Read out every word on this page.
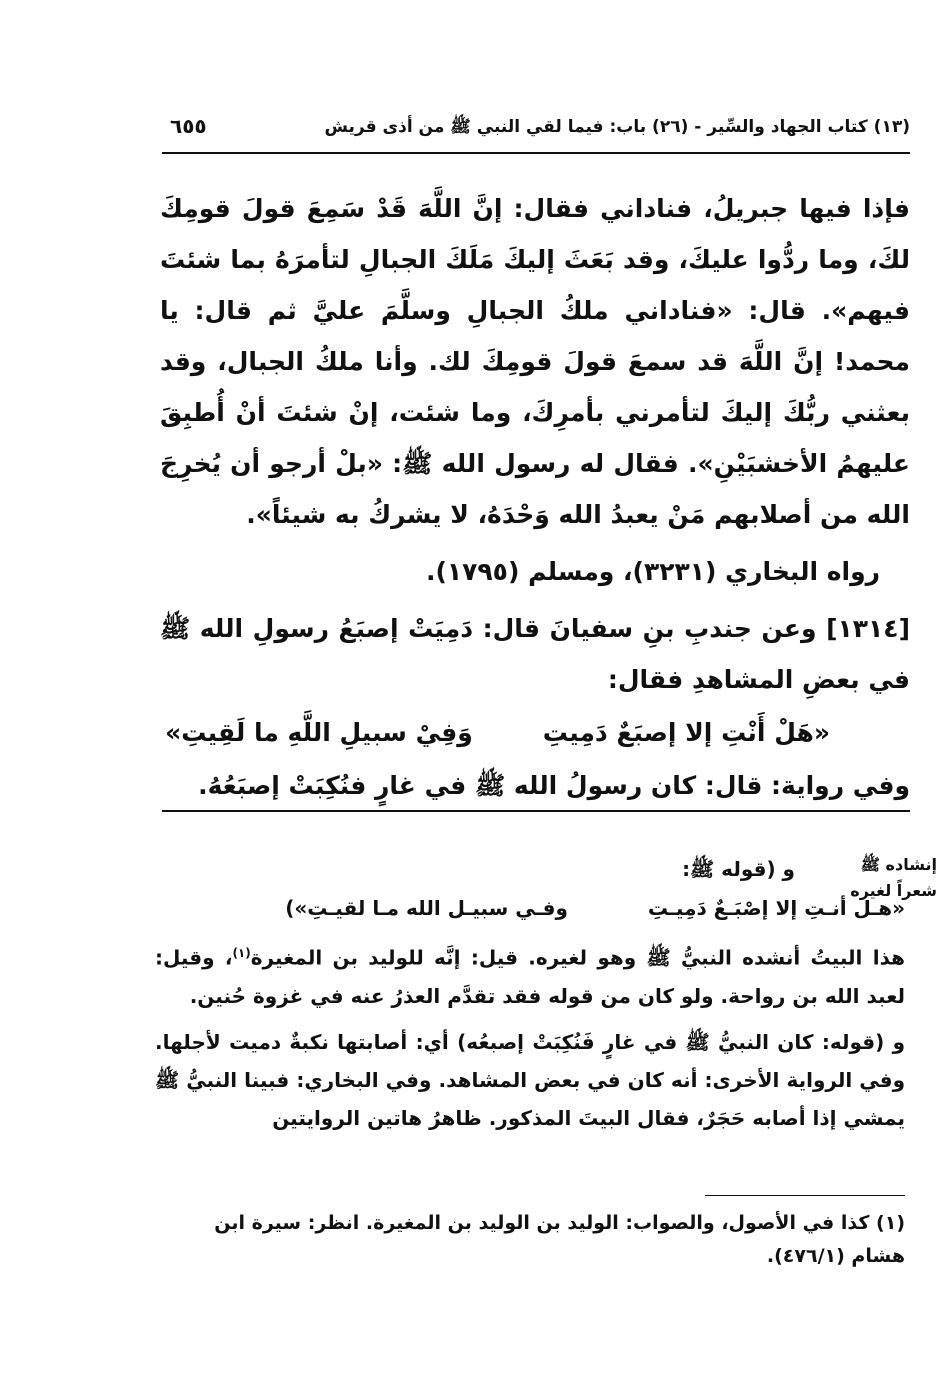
(١٣) كتاب الجهاد والسِّير - (٢٦) باب: فيما لقي النبي ﷺ من أذى قريش
٦٥٥

فإذا فيها جبريلُ، فناداني فقال: إنَّ اللَّهَ قَدْ سَمِعَ قولَ قومِكَ لكَ، وما ردُّوا عليكَ، وقد بَعَثَ إليكَ مَلَكَ الجبالِ لتأمرَهُ بما شئتَ فيهم». قال: «فناداني ملكُ الجبالِ وسلَّمَ عليَّ ثم قال: يا محمد! إنَّ اللَّهَ قد سمعَ قولَ قومِكَ لك. وأنا ملكُ الجبال، وقد بعثني ربُّكَ إليكَ لتأمرني بأمرِكَ، وما شئت، إنْ شئتَ أنْ أُطبِقَ عليهمُ الأخشبَيْنِ». فقال له رسول الله ﷺ: «بلْ أرجو أن يُخرِجَ الله من أصلابهم مَنْ يعبدُ الله وَحْدَهُ، لا يشركُ به شيئاً».

رواه البخاري (٣٢٣١)، ومسلم (١٧٩٥).

[١٣١٤] وعن جندبِ بنِ سفيانَ قال: دَمِيَتْ إصبَعُ رسولِ الله ﷺ في بعضِ المشاهدِ فقال:

«هَلْ أَنْتِ إلا إصبَعٌ دَمِيتِ
وَفِيْ سبيلِ اللَّهِ ما لَقِيتِ»

وفي رواية: قال: كان رسولُ الله ﷺ في غارٍ فنُكِبَتْ إصبَعُهُ.

إنشاده ﷺ
شعراً لغيره

و (قوله ﷺ:

«هـل أنـتِ إلا إصْبَـعٌ دَمِيـتِ
وفـي سبيـل الله مـا لقيـتِ»)

هذا البيتُ أنشده النبيُّ ﷺ وهو لغيره. قيل: إنَّه للوليد بن المغيرة$^{(١)}$، وقيل: لعبد الله بن رواحة. ولو كان من قوله فقد تقدَّم العذرُ عنه في غزوة حُنين.

و (قوله: كان النبيُّ ﷺ في غارٍ فَنُكِبَتْ إصبعُه) أي: أصابتها نكبةٌ دميت لأجلها. وفي الرواية الأخرى: أنه كان في بعض المشاهد. وفي البخاري: فبينا النبيُّ ﷺ يمشي إذا أصابه حَجَرٌ، فقال البيتَ المذكور. ظاهرُ هاتين الروايتين

(١) كذا في الأصول، والصواب: الوليد بن الوليد بن المغيرة. انظر: سيرة ابن هشام (٤٧٦/١).
